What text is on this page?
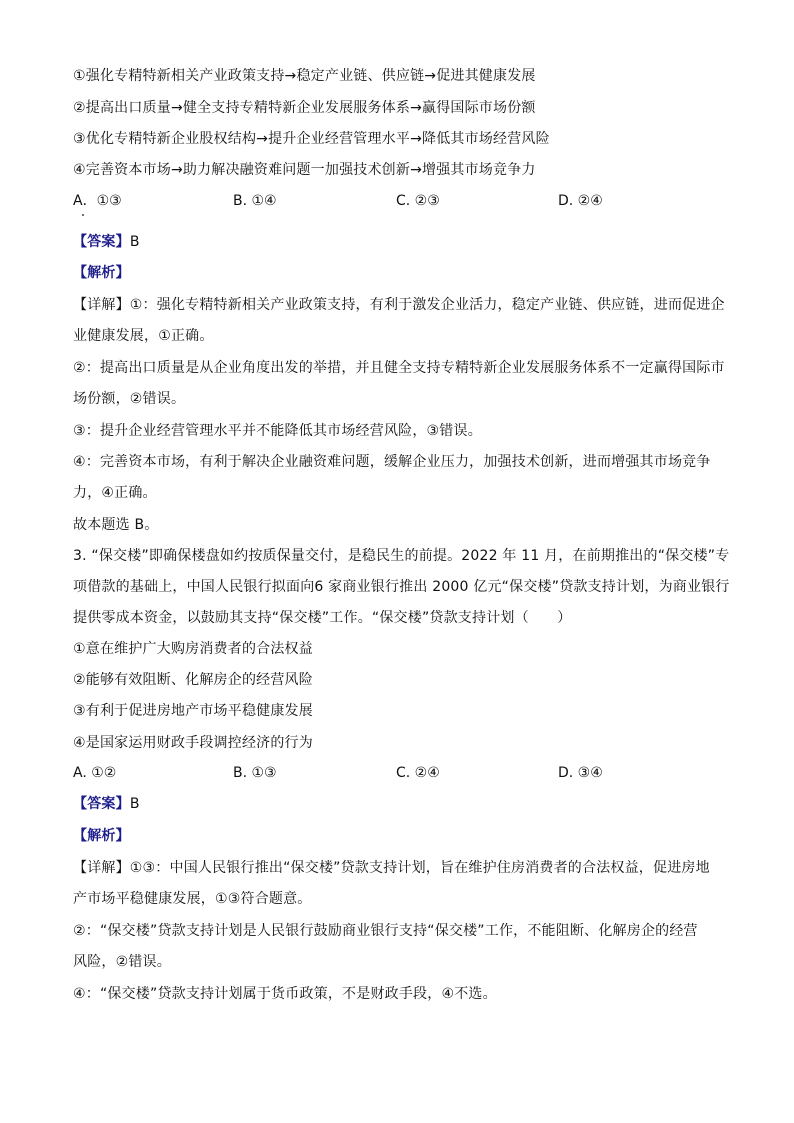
①强化专精特新相关产业政策支持→稳定产业链、供应链→促进其健康发展
②提高出口质量→健全支持专精特新企业发展服务体系→赢得国际市场份额
③优化专精特新企业股权结构→提升企业经营管理水平→降低其市场经营风险
④完善资本市场→助力解决融资难问题一加强技术创新→增强其市场竞争力
A．①③	B. ①④	C. ②③	D. ②④
【答案】B
【解析】
【详解】①：强化专精特新相关产业政策支持，有利于激发企业活力，稳定产业链、供应链，进而促进企
业健康发展，①正确。
②：提高出口质量是从企业角度出发的举措，并且健全支持专精特新企业发展服务体系不一定赢得国际市
场份额，②错误。
③：提升企业经营管理水平并不能降低其市场经营风险，③错误。
④：完善资本市场，有利于解决企业融资难问题，缓解企业压力，加强技术创新，进而增强其市场竞争
力，④正确。
故本题选 B。
3. “保交楼”即确保楼盘如约按质保量交付，是稳民生的前提。2022 年 11 月，在前期推出的“保交楼”专
项借款的基础上，中国人民银行拟面向6 家商业银行推出 2000 亿元“保交楼”贷款支持计划，为商业银行
提供零成本资金，以鼓励其支持“保交楼”工作。“保交楼”贷款支持计划（　　）
①意在维护广大购房消费者的合法权益
②能够有效阻断、化解房企的经营风险
③有利于促进房地产市场平稳健康发展
④是国家运用财政手段调控经济的行为
A. ①②	B. ①③	C. ②④	D. ③④
【答案】B
【解析】
【详解】①③：中国人民银行推出“保交楼”贷款支持计划，旨在维护住房消费者的合法权益，促进房地
产市场平稳健康发展，①③符合题意。
②：“保交楼”贷款支持计划是人民银行鼓励商业银行支持“保交楼”工作，不能阻断、化解房企的经营
风险，②错误。
④：“保交楼”贷款支持计划属于货币政策，不是财政手段，④不选。
